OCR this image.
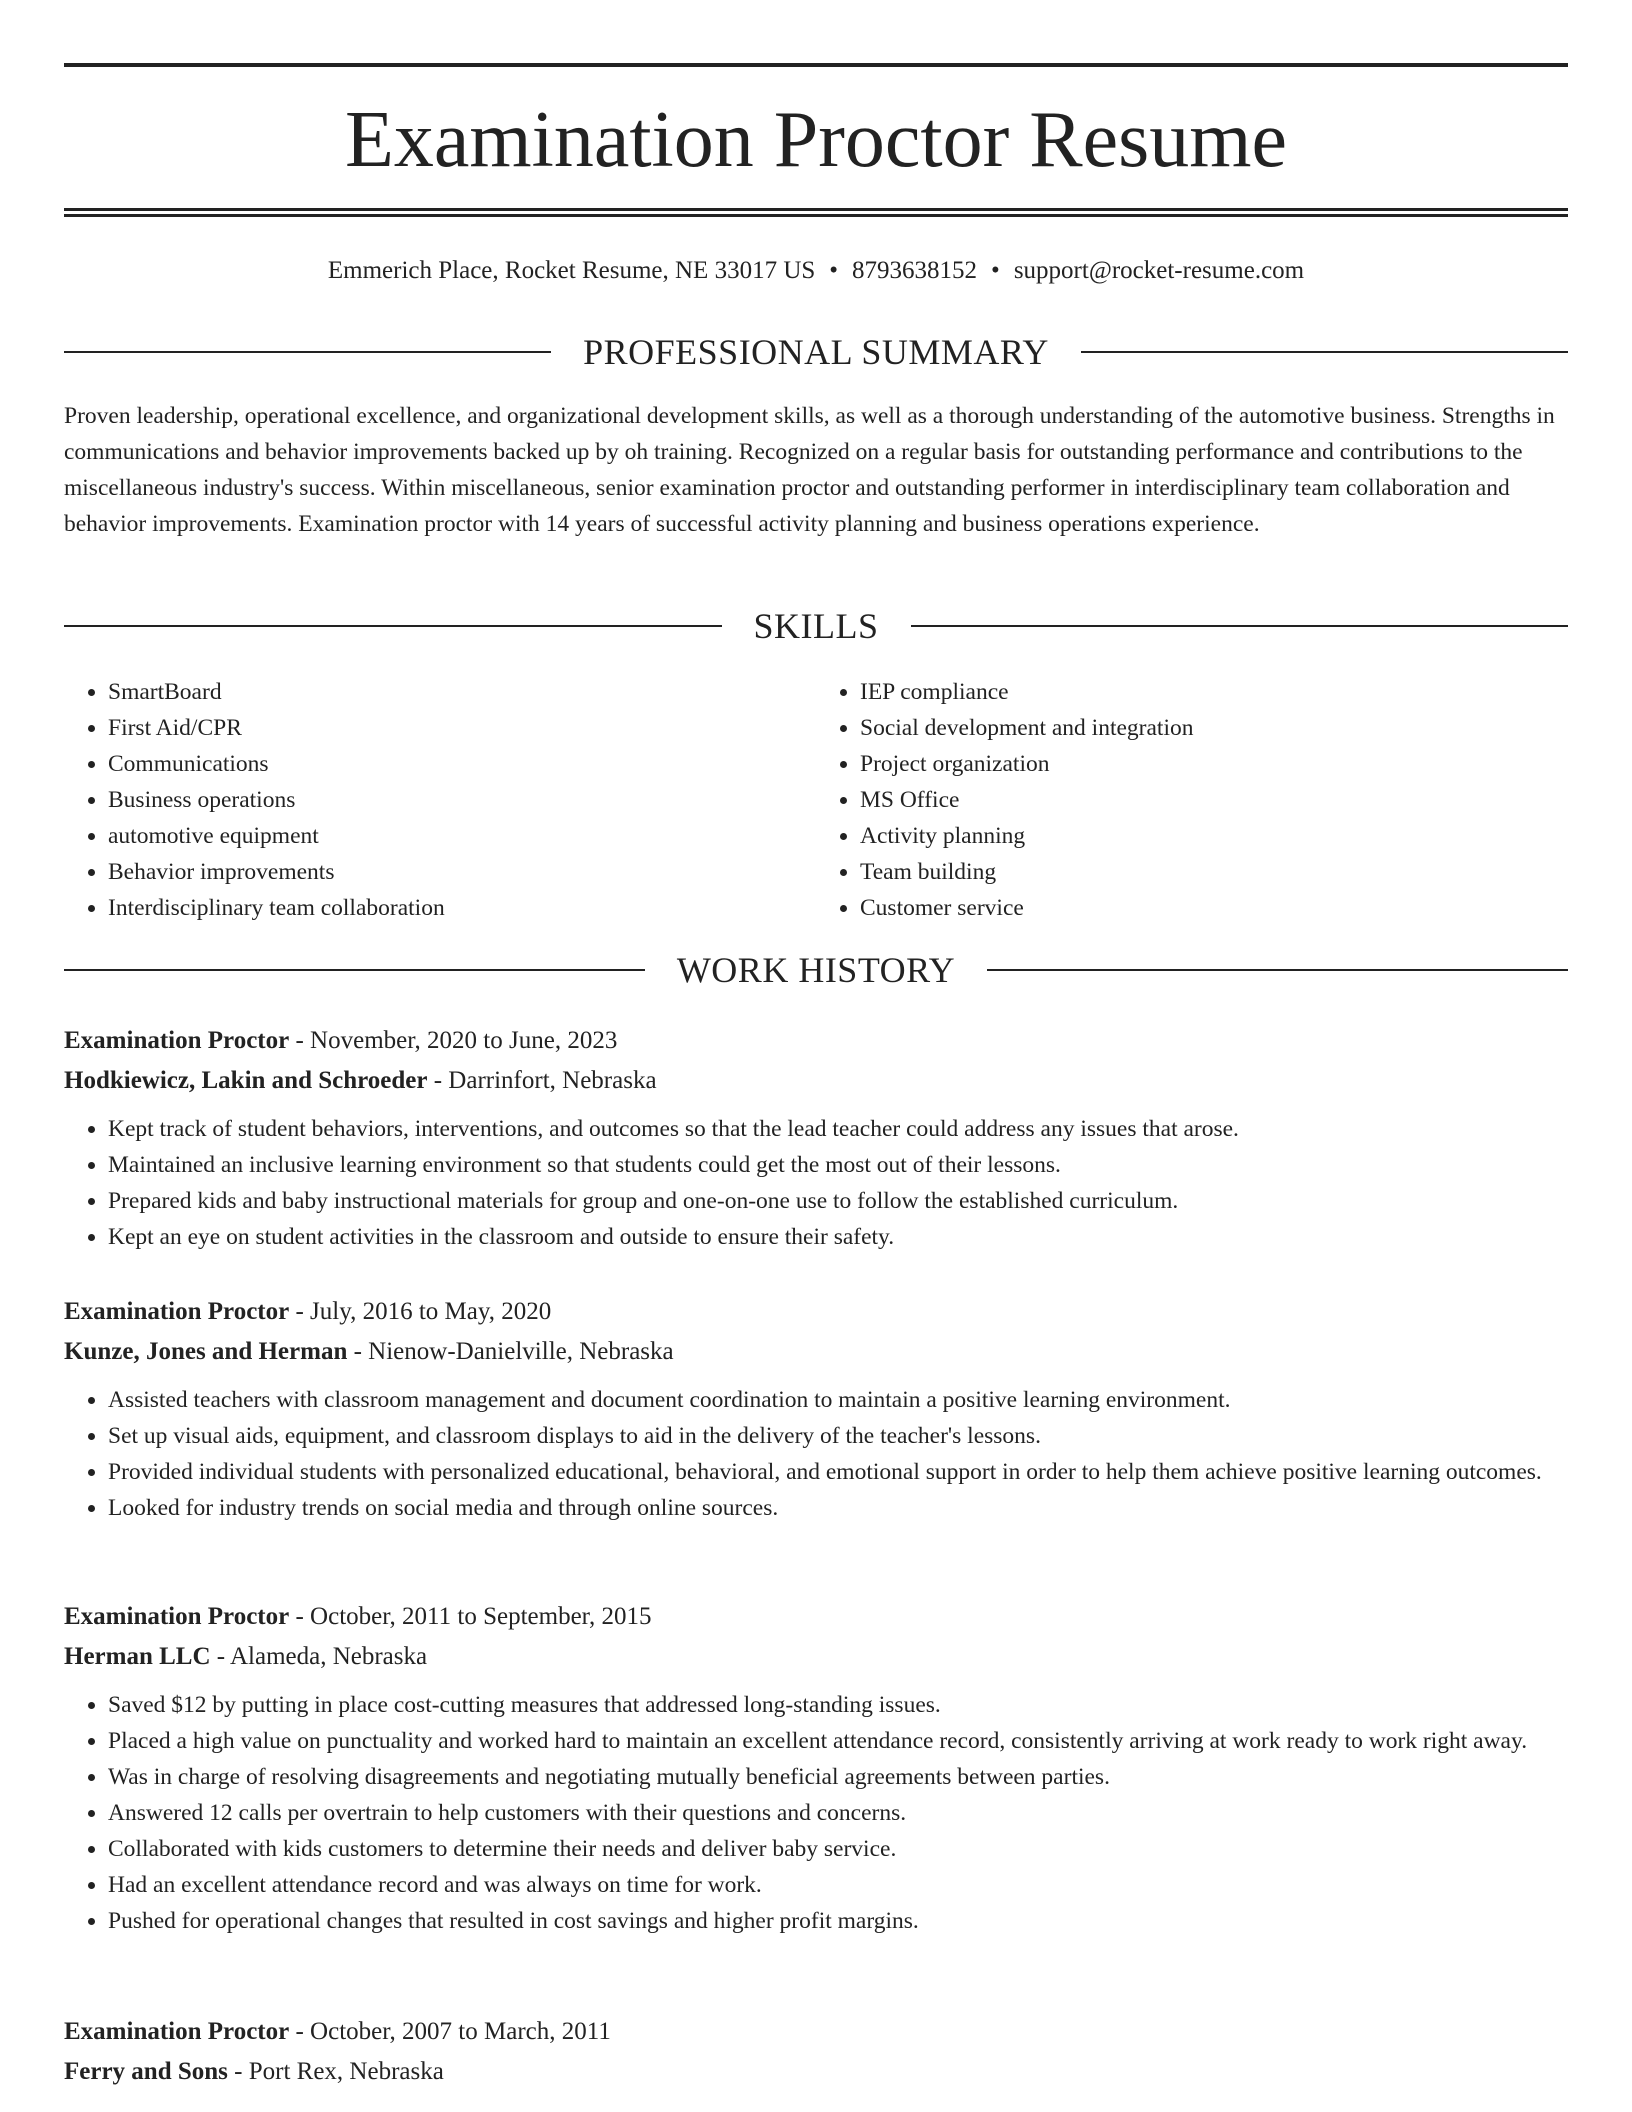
Examination Proctor Resume
Emmerich Place, Rocket Resume, NE 33017 US • 8793638152 • support@rocket-resume.com
PROFESSIONAL SUMMARY

Proven leadership, operational excellence, and organizational development skills, as well as a thorough understanding of the automotive business. Strengths in communications and behavior improvements backed up by oh training. Recognized on a regular basis for outstanding performance and contributions to the miscellaneous industry's success. Within miscellaneous, senior examination proctor and outstanding performer in interdisciplinary team collaboration and behavior improvements. Examination proctor with 14 years of successful activity planning and business operations experience.

SKILLS
• SmartBoard
• First Aid/CPR
• Communications
• Business operations
• automotive equipment
• Behavior improvements
• Interdisciplinary team collaboration
• IEP compliance
• Social development and integration
• Project organization
• MS Office
• Activity planning
• Team building
• Customer service
WORK HISTORY
Examination Proctor - November, 2020 to June, 2023
Hodkiewicz, Lakin and Schroeder - Darrinfort, Nebraska
• Kept track of student behaviors, interventions, and outcomes so that the lead teacher could address any issues that arose.
• Maintained an inclusive learning environment so that students could get the most out of their lessons.
• Prepared kids and baby instructional materials for group and one-on-one use to follow the established curriculum.
• Kept an eye on student activities in the classroom and outside to ensure their safety.
Examination Proctor - July, 2016 to May, 2020
Kunze, Jones and Herman - Nienow-Danielville, Nebraska
• Assisted teachers with classroom management and document coordination to maintain a positive learning environment.
• Set up visual aids, equipment, and classroom displays to aid in the delivery of the teacher's lessons.
• Provided individual students with personalized educational, behavioral, and emotional support in order to help them achieve positive learning outcomes.
• Looked for industry trends on social media and through online sources.
Examination Proctor - October, 2011 to September, 2015
Herman LLC - Alameda, Nebraska
• Saved $12 by putting in place cost-cutting measures that addressed long-standing issues.
• Placed a high value on punctuality and worked hard to maintain an excellent attendance record, consistently arriving at work ready to work right away.
• Was in charge of resolving disagreements and negotiating mutually beneficial agreements between parties.
• Answered 12 calls per overtrain to help customers with their questions and concerns.
• Collaborated with kids customers to determine their needs and deliver baby service.
• Had an excellent attendance record and was always on time for work.
• Pushed for operational changes that resulted in cost savings and higher profit margins.
Examination Proctor - October, 2007 to March, 2011
Ferry and Sons - Port Rex, Nebraska
